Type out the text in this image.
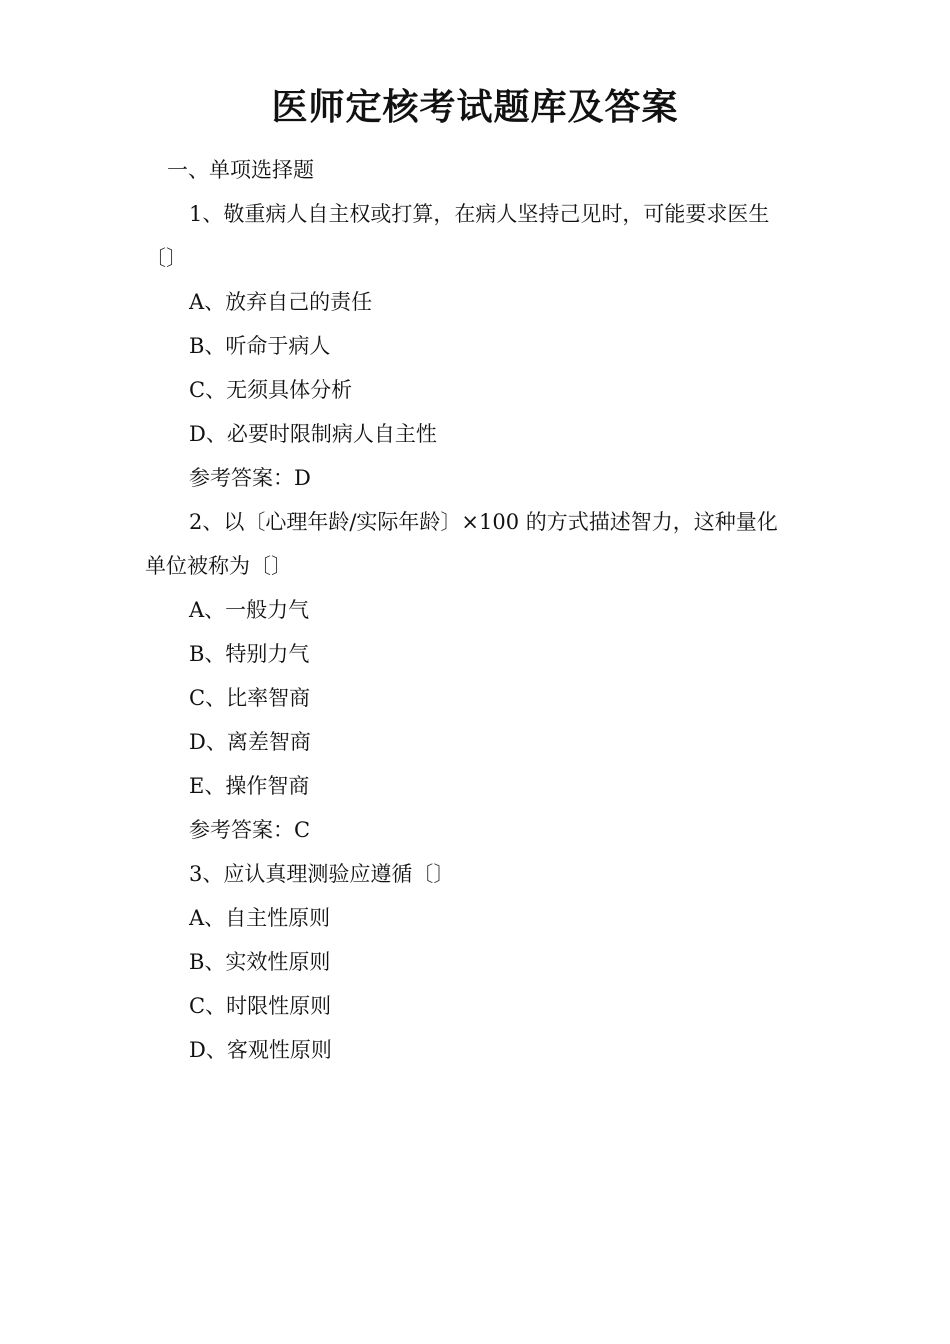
医师定核考试题库及答案

一、单项选择题

1、敬重病人自主权或打算，在病人坚持己见时，可能要求医生

〔〕

A、放弃自己的责任

B、听命于病人

C、无须具体分析

D、必要时限制病人自主性

参考答案：D

2、以〔心理年龄/实际年龄〕×100 的方式描述智力，这种量化

单位被称为〔〕

A、一般力气

B、特别力气

C、比率智商

D、离差智商

E、操作智商

参考答案：C

3、应认真理测验应遵循〔〕

A、自主性原则

B、实效性原则

C、时限性原则

D、客观性原则
